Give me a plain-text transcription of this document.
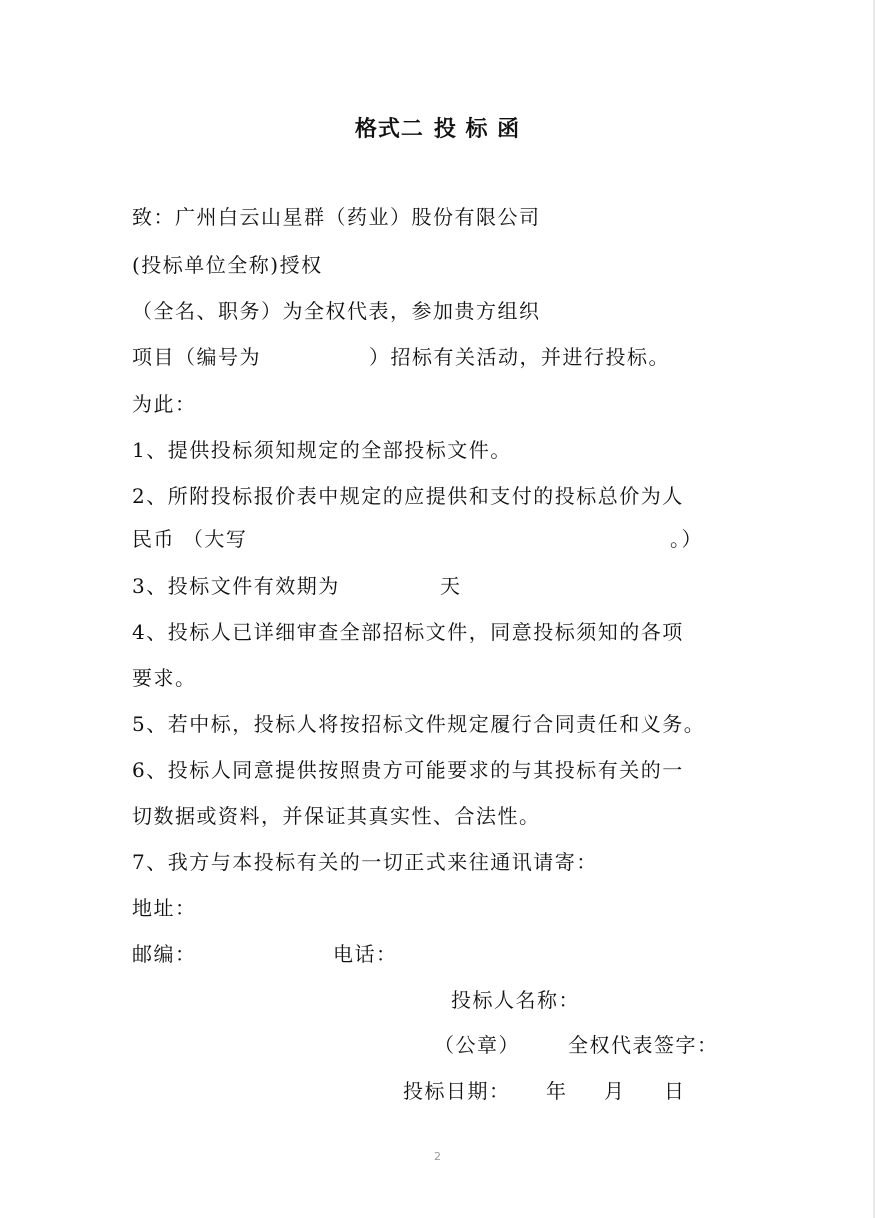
格式二 投 标 函
致：广州白云山星群（药业）股份有限公司
(投标单位全称)授权
（全名、职务）为全权代表，参加贵方组织
项目（编号为	）招标有关活动，并进行投标。
为此：
1、提供投标须知规定的全部投标文件。
2、所附投标报价表中规定的应提供和支付的投标总价为人
民币 （大写	。）
3、投标文件有效期为	天
4、投标人已详细审查全部招标文件，同意投标须知的各项
要求。
5、若中标，投标人将按招标文件规定履行合同责任和义务。
6、投标人同意提供按照贵方可能要求的与其投标有关的一
切数据或资料，并保证其真实性、合法性。
7、我方与本投标有关的一切正式来往通讯请寄：
地址：
邮编：	电话：
投标人名称：
（公章） 全权代表签字：
投标日期： 年 月 日
2
